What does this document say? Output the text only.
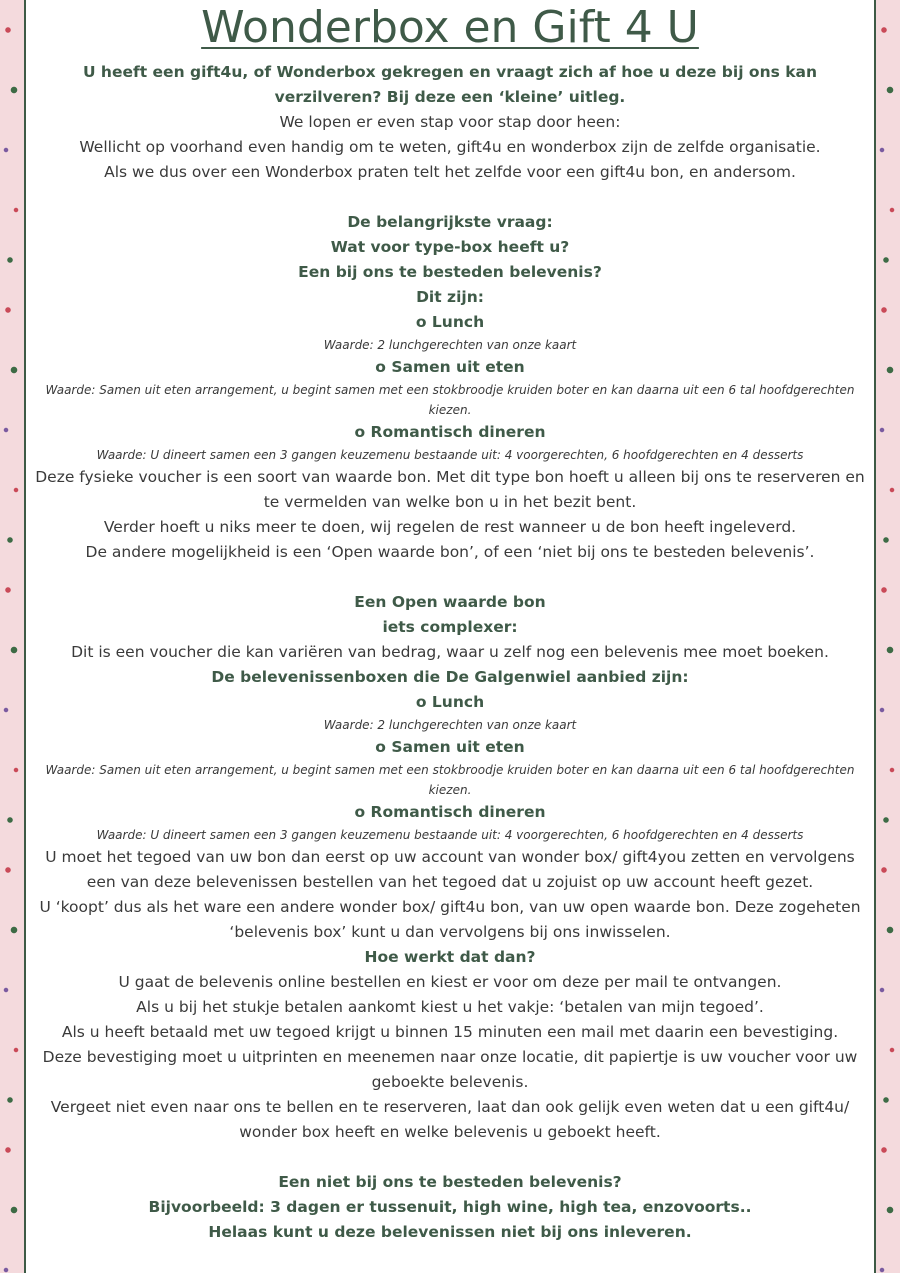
Wonderbox en Gift 4 U

U heeft een gift4u, of Wonderbox gekregen en vraagt zich af hoe u deze bij ons kan verzilveren? Bij deze een ‘kleine’ uitleg.

We lopen er even stap voor stap door heen:

Wellicht op voorhand even handig om te weten, gift4u en wonderbox zijn de zelfde organisatie.

Als we dus over een Wonderbox praten telt het zelfde voor een gift4u bon, en andersom.

De belangrijkste vraag:

Wat voor type-box heeft u?

Een bij ons te besteden belevenis?

Dit zijn:

o Lunch

Waarde: 2 lunchgerechten van onze kaart

o Samen uit eten

Waarde: Samen uit eten arrangement, u begint samen met een stokbroodje kruiden boter en kan daarna uit een 6 tal hoofdgerechten kiezen.

o Romantisch dineren

Waarde: U dineert samen een 3 gangen keuzemenu bestaande uit: 4 voorgerechten, 6 hoofdgerechten en 4 desserts

Deze fysieke voucher is een soort van waarde bon. Met dit type bon hoeft u alleen bij ons te reserveren en te vermelden van welke bon u in het bezit bent.

Verder hoeft u niks meer te doen, wij regelen de rest wanneer u de bon heeft ingeleverd.

De andere mogelijkheid is een ‘Open waarde bon’, of een ‘niet bij ons te besteden belevenis’.

Een Open waarde bon

iets complexer:

Dit is een voucher die kan variëren van bedrag, waar u zelf nog een belevenis mee moet boeken.

De belevenissenboxen die De Galgenwiel aanbied zijn:

o Lunch

Waarde: 2 lunchgerechten van onze kaart

o Samen uit eten

Waarde: Samen uit eten arrangement, u begint samen met een stokbroodje kruiden boter en kan daarna uit een 6 tal hoofdgerechten kiezen.

o Romantisch dineren

Waarde: U dineert samen een 3 gangen keuzemenu bestaande uit: 4 voorgerechten, 6 hoofdgerechten en 4 desserts

U moet het tegoed van uw bon dan eerst op uw account van wonder box/ gift4you zetten en vervolgens een van deze belevenissen bestellen van het tegoed dat u zojuist op uw account heeft gezet.

U ‘koopt’ dus als het ware een andere wonder box/ gift4u bon, van uw open waarde bon. Deze zogeheten ‘belevenis box’ kunt u dan vervolgens bij ons inwisselen.

Hoe werkt dat dan?

U gaat de belevenis online bestellen en kiest er voor om deze per mail te ontvangen.

Als u bij het stukje betalen aankomt kiest u het vakje: ‘betalen van mijn tegoed’.

Als u heeft betaald met uw tegoed krijgt u binnen 15 minuten een mail met daarin een bevestiging.

Deze bevestiging moet u uitprinten en meenemen naar onze locatie, dit papiertje is uw voucher voor uw geboekte belevenis.

Vergeet niet even naar ons te bellen en te reserveren, laat dan ook gelijk even weten dat u een gift4u/ wonder box heeft en welke belevenis u geboekt heeft.

Een niet bij ons te besteden belevenis?

Bijvoorbeeld: 3 dagen er tussenuit, high wine, high tea, enzovoorts..

Helaas kunt u deze belevenissen niet bij ons inleveren.
